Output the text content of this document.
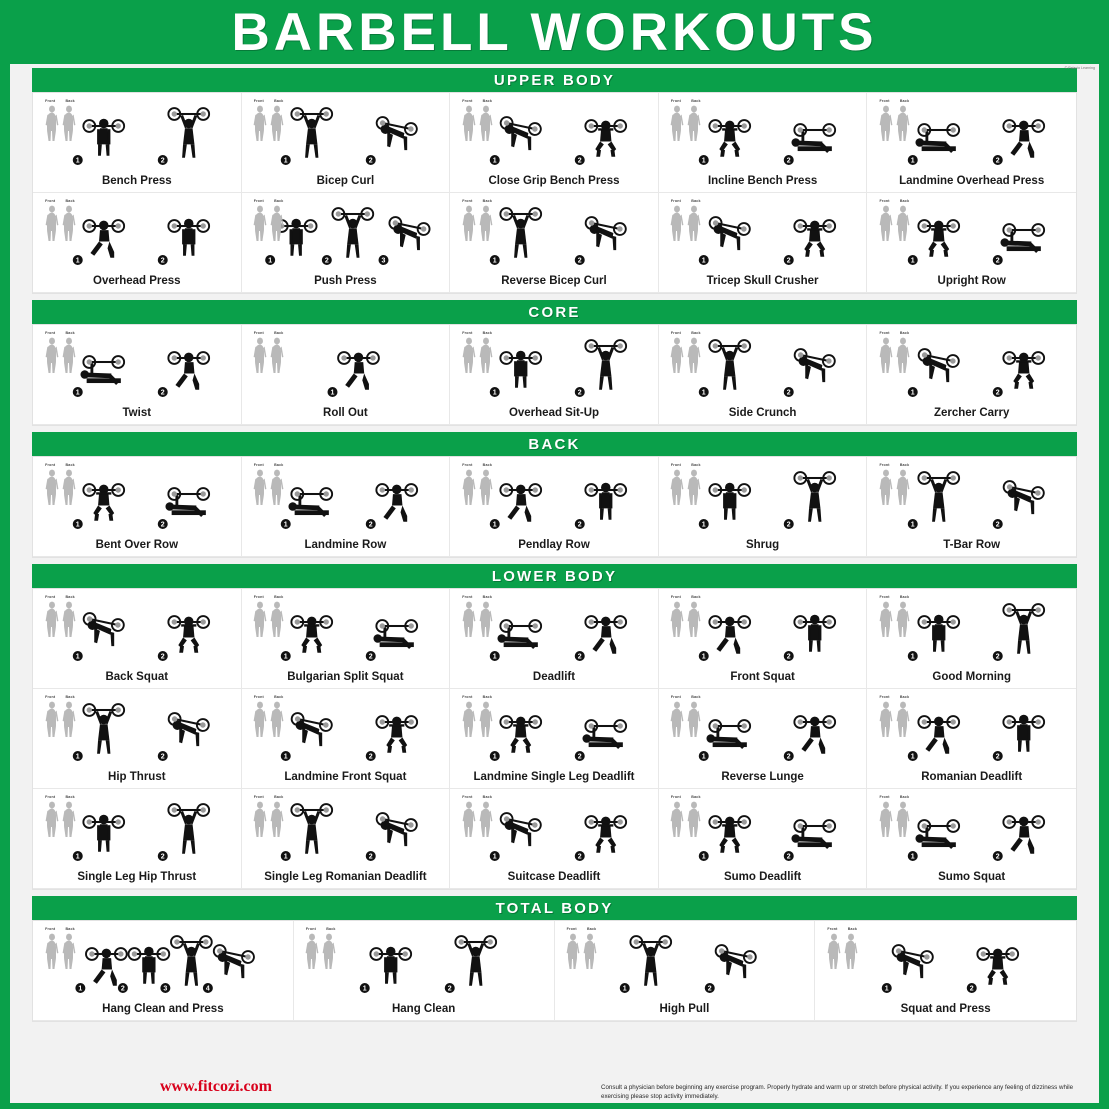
BARBELL WORKOUTS
© Palacio Learning
UPPER BODY
Front	Back
1	2
Bench Press
Front	Back
1	2
Bicep Curl
Front	Back
1	2
Close Grip Bench Press
Front	Back
1	2
Incline Bench Press
Front	Back
1	2
Landmine Overhead Press
Front	Back
1	2
Overhead Press
Front	Back
1	2	3
Push Press
Front	Back
1	2
Reverse Bicep Curl
Front	Back
1	2
Tricep Skull Crusher
Front	Back
1	2
Upright Row
CORE
Front	Back
1	2
Twist
Front	Back
1
Roll Out
Front	Back
1	2
Overhead Sit-Up
Front	Back
1	2
Side Crunch
Front	Back
1	2
Zercher Carry
BACK
Front	Back
1	2
Bent Over Row
Front	Back
1	2
Landmine Row
Front	Back
1	2
Pendlay Row
Front	Back
1	2
Shrug
Front	Back
1	2
T-Bar Row
LOWER BODY
Front	Back
1	2
Back Squat
Front	Back
1	2
Bulgarian Split Squat
Front	Back
1	2
Deadlift
Front	Back
1	2
Front Squat
Front	Back
1	2
Good Morning
Front	Back
1	2
Hip Thrust
Front	Back
1	2
Landmine Front Squat
Front	Back
1	2
Landmine Single Leg Deadlift
Front	Back
1	2
Reverse Lunge
Front	Back
1	2
Romanian Deadlift
Front	Back
1	2
Single Leg Hip Thrust
Front	Back
1	2
Single Leg Romanian Deadlift
Front	Back
1	2
Suitcase Deadlift
Front	Back
1	2
Sumo Deadlift
Front	Back
1	2
Sumo Squat
TOTAL BODY
Front	Back
1	2	3	4
Hang Clean and Press
Front	Back
1	2
Hang Clean
Front	Back
1	2
High Pull
Front	Back
1	2
Squat and Press
www.fitcozi.com	Consult a physician before beginning any exercise program. Properly hydrate and warm up or stretch before physical activity. If you experience any feeling of dizziness while exercising please stop activity immediately.
